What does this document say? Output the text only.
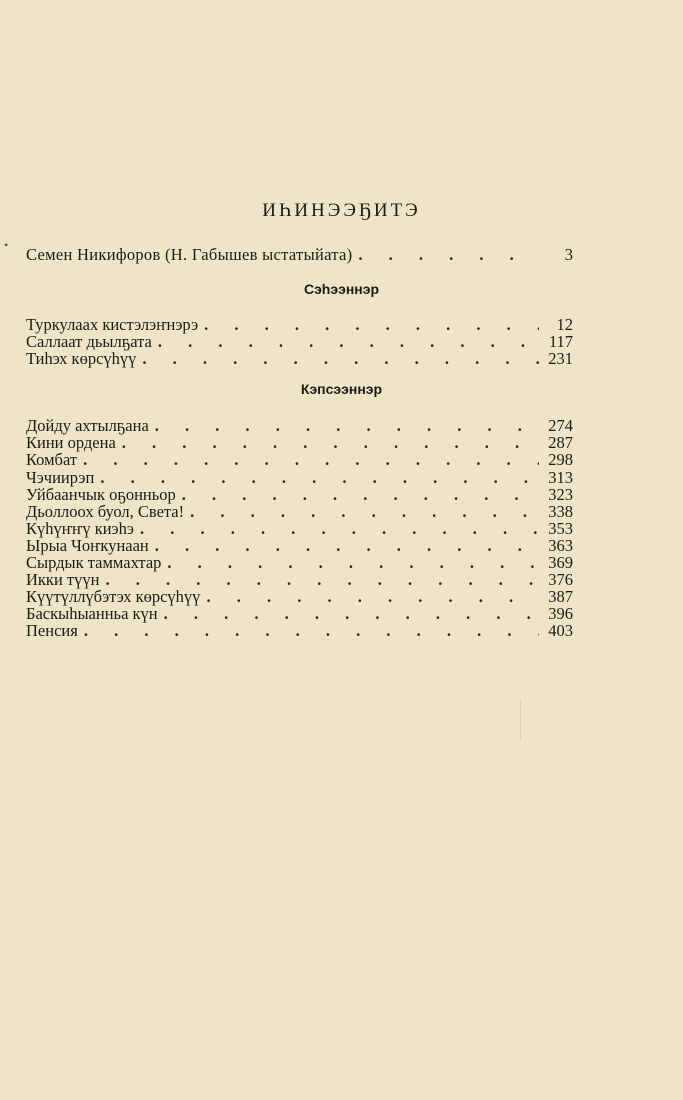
•
ИҺИНЭЭҔИТЭ
Семен Никифоров (Н. Габышев ыстатыйата) . . .	3
Сэһээннэр
Туркулаах кистэлэҥнэрэ . . .	12
Саллаат дьылҕата . . .	117
Тиһэх көрсүһүү . . .	231
Кэпсээннэр
Дойду ахтылҕана . . .	274
Кини ордена . . .	287
Комбат . . .	298
Чэчиирэп . . .	313
Уйбаанчык оҕонньор . . .	323
Дьоллоох буол, Света! . . .	338
Күһүҥҥү киэһэ . . .	353
Ырыа Чоҥкунаан . . .	363
Сырдык таммахтар . . .	369
Икки түүн . . .	376
Күүтүллүбэтэх көрсүһүү . . .	387
Баскыһыанньа күн . . .	396
Пенсия . . .	403
·
